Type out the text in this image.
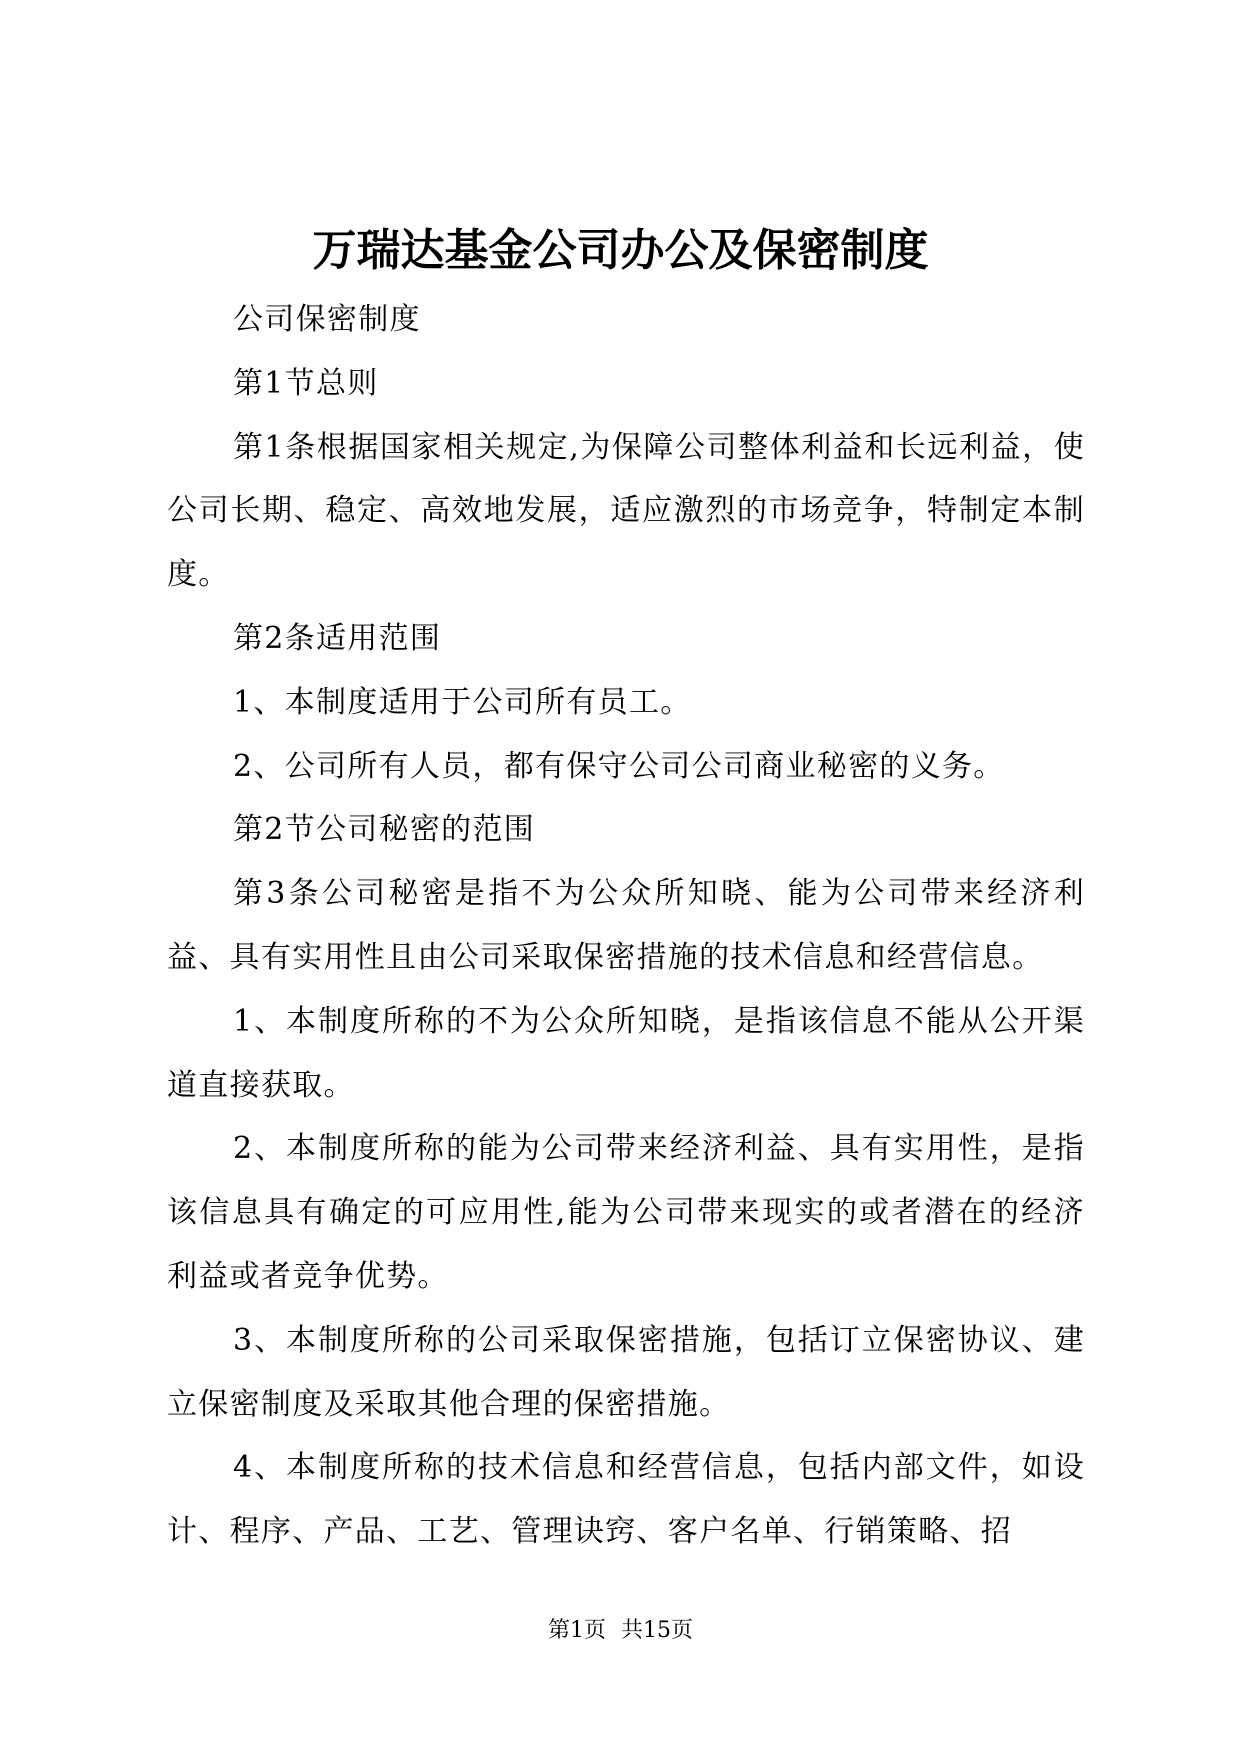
万瑞达基金公司办公及保密制度

公司保密制度

第1节总则

第1条根据国家相关规定,为保障公司整体利益和长远利益，使公司长期、稳定、高效地发展，适应激烈的市场竞争，特制定本制度。

第2条适用范围

1、本制度适用于公司所有员工。

2、公司所有人员，都有保守公司公司商业秘密的义务。

第2节公司秘密的范围

第3条公司秘密是指不为公众所知晓、能为公司带来经济利益、具有实用性且由公司采取保密措施的技术信息和经营信息。

1、本制度所称的不为公众所知晓，是指该信息不能从公开渠道直接获取。

2、本制度所称的能为公司带来经济利益、具有实用性，是指该信息具有确定的可应用性,能为公司带来现实的或者潜在的经济利益或者竞争优势。

3、本制度所称的公司采取保密措施，包括订立保密协议、建立保密制度及采取其他合理的保密措施。

4、本制度所称的技术信息和经营信息，包括内部文件，如设计、程序、产品、工艺、管理诀窍、客户名单、行销策略、招

第1页 共15页
